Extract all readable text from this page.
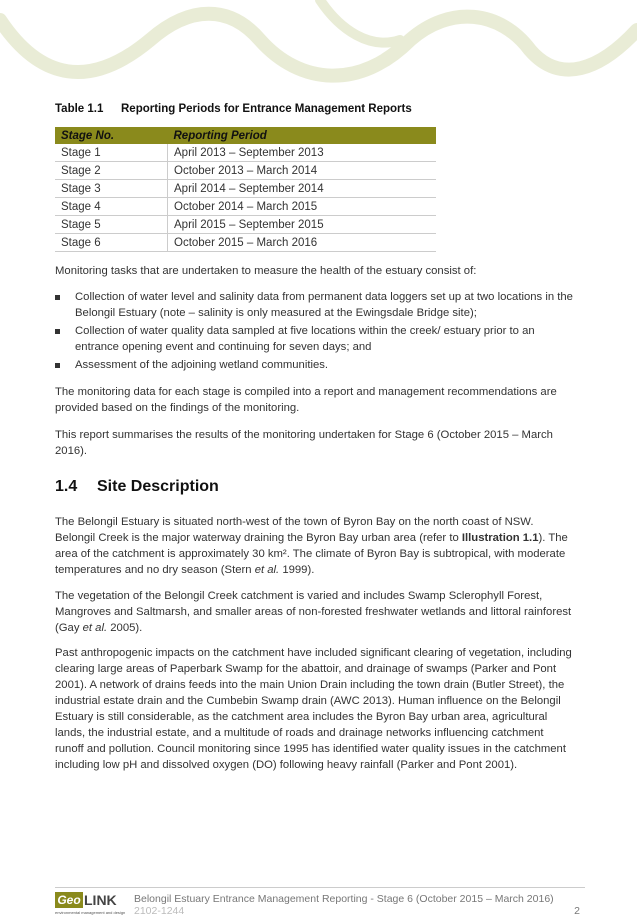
Table 1.1 Reporting Periods for Entrance Management Reports
Stage No.	Reporting Period
Stage 1	April 2013 – September 2013
Stage 2	October 2013 – March 2014
Stage 3	April 2014 – September 2014
Stage 4	October 2014 – March 2015
Stage 5	April 2015 – September 2015
Stage 6	October 2015 – March 2016

Monitoring tasks that are undertaken to measure the health of the estuary consist of:

Collection of water level and salinity data from permanent data loggers set up at two locations in the Belongil Estuary (note – salinity is only measured at the Ewingsdale Bridge site);
Collection of water quality data sampled at five locations within the creek/ estuary prior to an entrance opening event and continuing for seven days; and
Assessment of the adjoining wetland communities.

The monitoring data for each stage is compiled into a report and management recommendations are provided based on the findings of the monitoring.

This report summarises the results of the monitoring undertaken for Stage 6 (October 2015 – March 2016).

1.4 Site Description

The Belongil Estuary is situated north-west of the town of Byron Bay on the north coast of NSW. Belongil Creek is the major waterway draining the Byron Bay urban area (refer to Illustration 1.1). The area of the catchment is approximately 30 km². The climate of Byron Bay is subtropical, with moderate temperatures and no dry season (Stern et al. 1999).

The vegetation of the Belongil Creek catchment is varied and includes Swamp Sclerophyll Forest, Mangroves and Saltmarsh, and smaller areas of non-forested freshwater wetlands and littoral rainforest (Gay et al. 2005).

Past anthropogenic impacts on the catchment have included significant clearing of vegetation, including clearing large areas of Paperbark Swamp for the abattoir, and drainage of swamps (Parker and Pont 2001). A network of drains feeds into the main Union Drain including the town drain (Butler Street), the industrial estate drain and the Cumbebin Swamp drain (AWC 2013). Human influence on the Belongil Estuary is still considerable, as the catchment area includes the Byron Bay urban area, agricultural lands, the industrial estate, and a multitude of roads and drainage networks influencing catchment runoff and pollution. Council monitoring since 1995 has identified water quality issues in the catchment including low pH and dissolved oxygen (DO) following heavy rainfall (Parker and Pont 2001).

Geo LINK
environmental management and design
Belongil Estuary Entrance Management Reporting - Stage 6 (October 2015 – March 2016)
2102-1244	2
